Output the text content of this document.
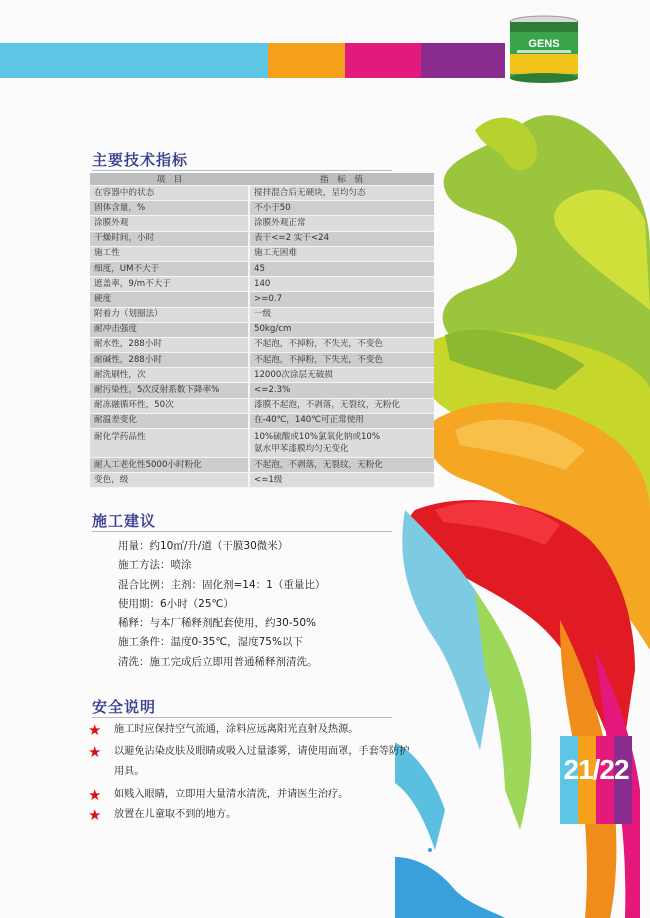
GENS
主要技术指标
项　目	指　标　值
在容器中的状态	搅拌混合后无硬块，呈均匀态
固体含量，%	不小于50
涂膜外观	涂膜外观正常
干燥时间，小时	表干<=2 实干<24
施工性	施工无困难
细度，UM不大于	45
遮盖率，9/m不大于	140
硬度	>=0.7
附着力（划圈法）	一级
耐冲击强度	50kg/cm
耐水性，288小时	不起泡，不掉粉，不失光，不变色
耐碱性，288小时	不起泡，不掉粉，下失光，不变色
耐洗刷性，次	12000次涂层无破损
耐污染性，5次反射系数下降率%	<=2.3%
耐冻融循环性，50次	漆膜不起泡，不剥落，无裂纹，无粉化
耐温差变化	在-40℃，140℃可正常使用
耐化学药品性	10%硫酸或10%氯氧化钠或10%
氨水甲苯漆膜均匀无变化

耐人工老化性5000小时粉化	不起泡，不剥落，无裂纹，无粉化
变色，级	<=1级
施工建议
用量：约10㎡/升/道（干膜30微米）
施工方法：喷涂
混合比例：主剂：固化剂=14：1（重量比）
使用期：6小时（25℃）
稀释：与本厂稀释剂配套使用，约30-50%
施工条件：温度0-35℃，湿度75%以下
清洗：施工完成后立即用普通稀释剂清洗。
安全说明
★ 施工时应保持空气流通，涂料应远离阳光直射及热源。
★ 以避免沾染皮肤及眼睛或吸入过量漆雾，请使用面罩，手套等防护用具。
★ 如贱入眼睛，立即用大量清水清洗，并请医生治疗。
★ 放置在儿童取不到的地方。
21/22
